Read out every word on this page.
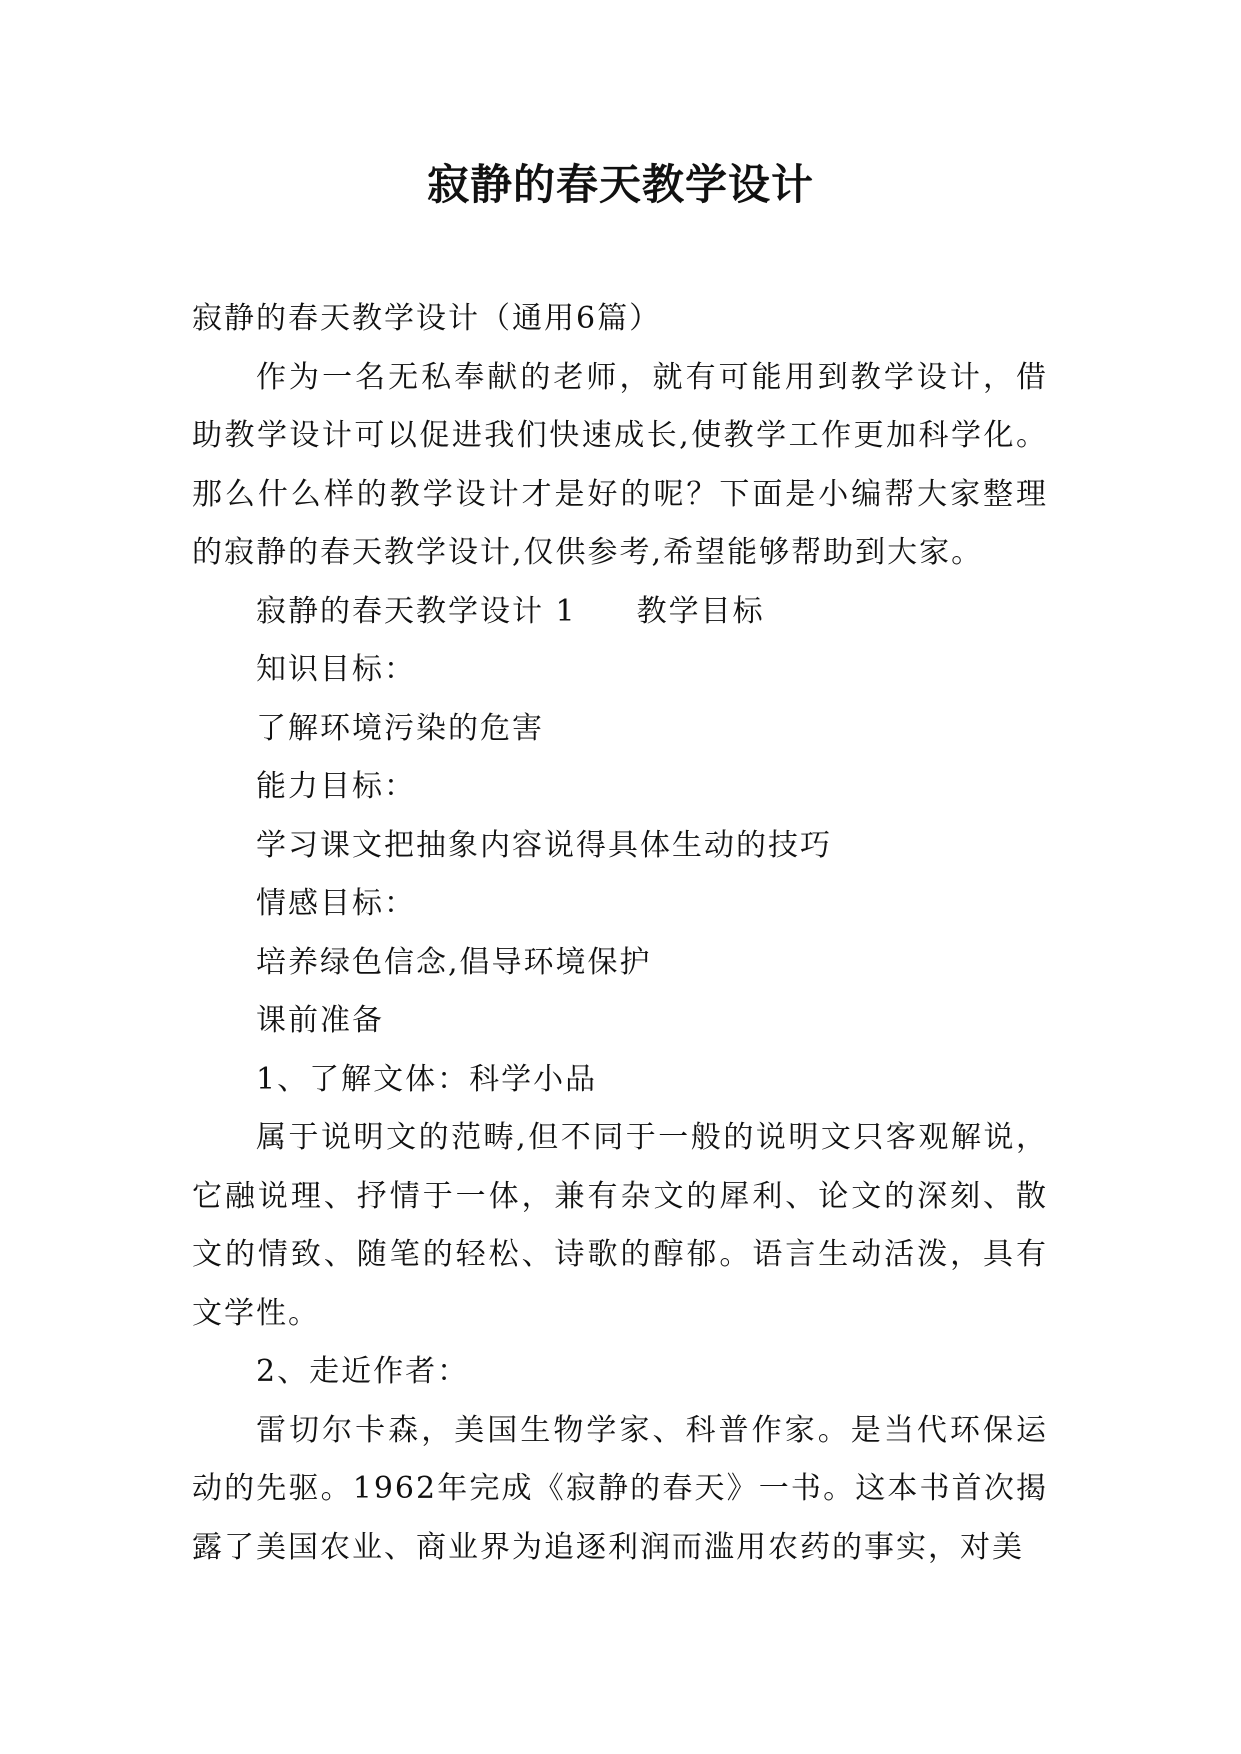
寂静的春天教学设计

寂静的春天教学设计（通用6篇）

作为一名无私奉献的老师，就有可能用到教学设计，借助教学设计可以促进我们快速成长,使教学工作更加科学化。那么什么样的教学设计才是好的呢？下面是小编帮大家整理的寂静的春天教学设计,仅供参考,希望能够帮助到大家。

寂静的春天教学设计 1 教学目标

知识目标：

了解环境污染的危害

能力目标：

学习课文把抽象内容说得具体生动的技巧

情感目标：

培养绿色信念,倡导环境保护

课前准备

1、了解文体：科学小品

属于说明文的范畴,但不同于一般的说明文只客观解说，它融说理、抒情于一体，兼有杂文的犀利、论文的深刻、散文的情致、随笔的轻松、诗歌的醇郁。语言生动活泼，具有文学性。

2、走近作者：

雷切尔卡森，美国生物学家、科普作家。是当代环保运动的先驱。1962年完成《寂静的春天》一书。这本书首次揭露了美国农业、商业界为追逐利润而滥用农药的事实，对美
